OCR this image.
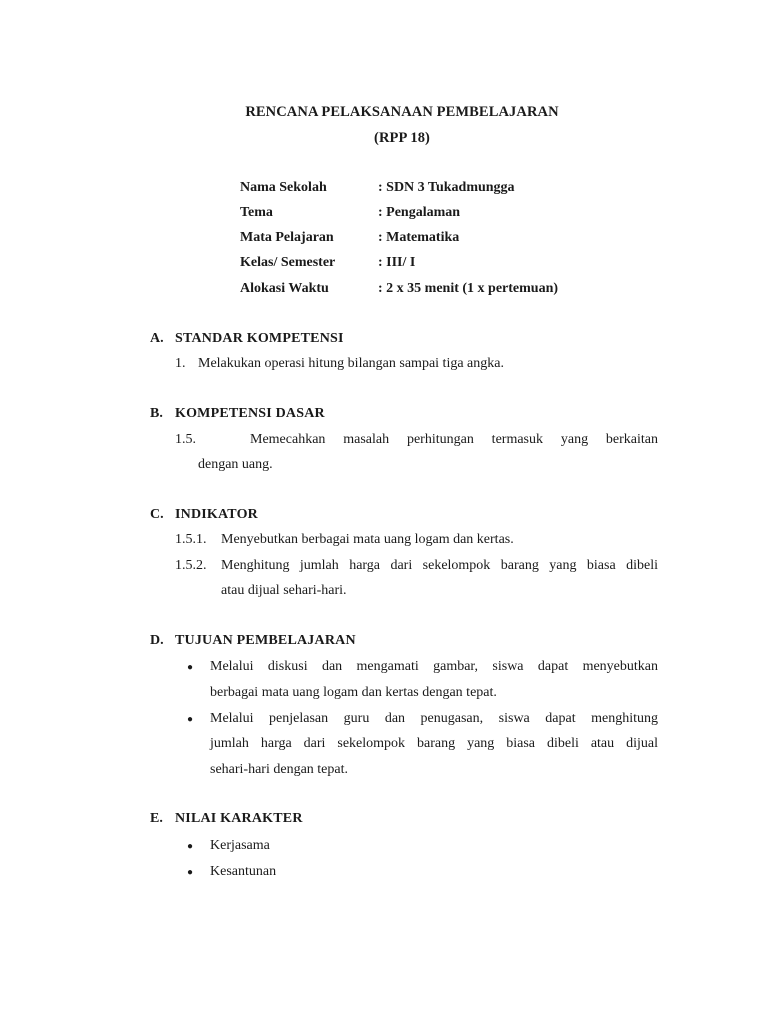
RENCANA PELAKSANAAN PEMBELAJARAN
(RPP 18)
Nama Sekolah	: SDN 3 Tukadmungga
Tema	: Pengalaman
Mata Pelajaran	: Matematika
Kelas/ Semester	: III/ I
Alokasi Waktu	: 2 x 35 menit (1 x pertemuan)
A. STANDAR KOMPETENSI
1. Melakukan operasi hitung bilangan sampai tiga angka.
B. KOMPETENSI DASAR
1.5.	Memecahkan masalah perhitungan termasuk yang berkaitan
dengan uang.
C. INDIKATOR
1.5.1. Menyebutkan berbagai mata uang logam dan kertas.
1.5.2. Menghitung jumlah harga dari sekelompok barang yang biasa dibeli
atau dijual sehari-hari.
D. TUJUAN PEMBELAJARAN
● Melalui diskusi dan mengamati gambar, siswa dapat menyebutkan
berbagai mata uang logam dan kertas dengan tepat.
● Melalui penjelasan guru dan penugasan, siswa dapat menghitung
jumlah harga dari sekelompok barang yang biasa dibeli atau dijual
sehari-hari dengan tepat.
E. NILAI KARAKTER
● Kerjasama
● Kesantunan
